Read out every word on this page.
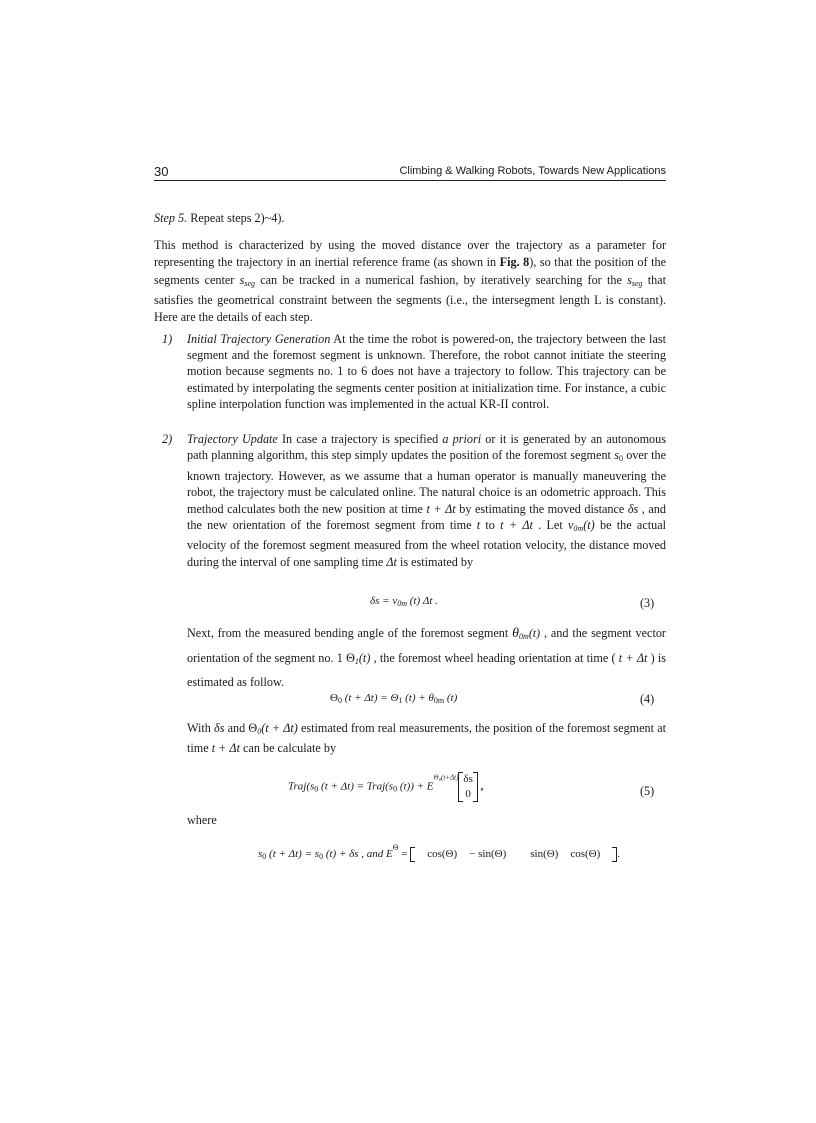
30	Climbing & Walking Robots, Towards New Applications
Step 5. Repeat steps 2)~4).
This method is characterized by using the moved distance over the trajectory as a parameter for representing the trajectory in an inertial reference frame (as shown in Fig. 8), so that the position of the segments center $s_{seg}$ can be tracked in a numerical fashion, by iteratively searching for the $s_{seg}$ that satisfies the geometrical constraint between the segments (i.e., the intersegment length L is constant). Here are the details of each step.
1) Initial Trajectory Generation At the time the robot is powered-on, the trajectory between the last segment and the foremost segment is unknown. Therefore, the robot cannot initiate the steering motion because segments no. 1 to 6 does not have a trajectory to follow. This trajectory can be estimated by interpolating the segments center position at initialization time. For instance, a cubic spline interpolation function was implemented in the actual KR-II control.
2) Trajectory Update In case a trajectory is specified a priori or it is generated by an autonomous path planning algorithm, this step simply updates the position of the foremost segment $s_0$ over the known trajectory. However, as we assume that a human operator is manually maneuvering the robot, the trajectory must be calculated online. The natural choice is an odometric approach. This method calculates both the new position at time t + Δt by estimating the moved distance δs , and the new orientation of the foremost segment from time t to t + Δt . Let $v_{0m}(t)$ be the actual velocity of the foremost segment measured from the wheel rotation velocity, the distance moved during the interval of one sampling time Δt is estimated by
$\delta s = v_{0m}$ (t) Δt .	(3)
Next, from the measured bending angle of the foremost segment $\theta_{0m}(t)$ , and the segment vector orientation of the segment no. 1 $\Theta_1(t)$ , the foremost wheel heading orientation at time ( t + Δt ) is estimated as follow.
$\Theta_0$ $(t + \Delta t) = \Theta_1$ $(t) + \theta_{0m}$ (t)	(4)
With δs and $\Theta_0(t + \Delta t)$ estimated from real measurements, the position of the foremost segment at time t + Δt can be calculate by
$Traj(s_0$ $(t + \Delta t) = Traj(s_0$ $(t)) + E^{\Theta_0(t+\Delta t)}$ δs
0
,	(5)
where
$s_0$ $(t + \Delta t) = s_0$ (t) + δs , and $E^\Theta = \cos(\Theta)$	− sin(Θ)	sin(Θ)	cos(Θ) .
